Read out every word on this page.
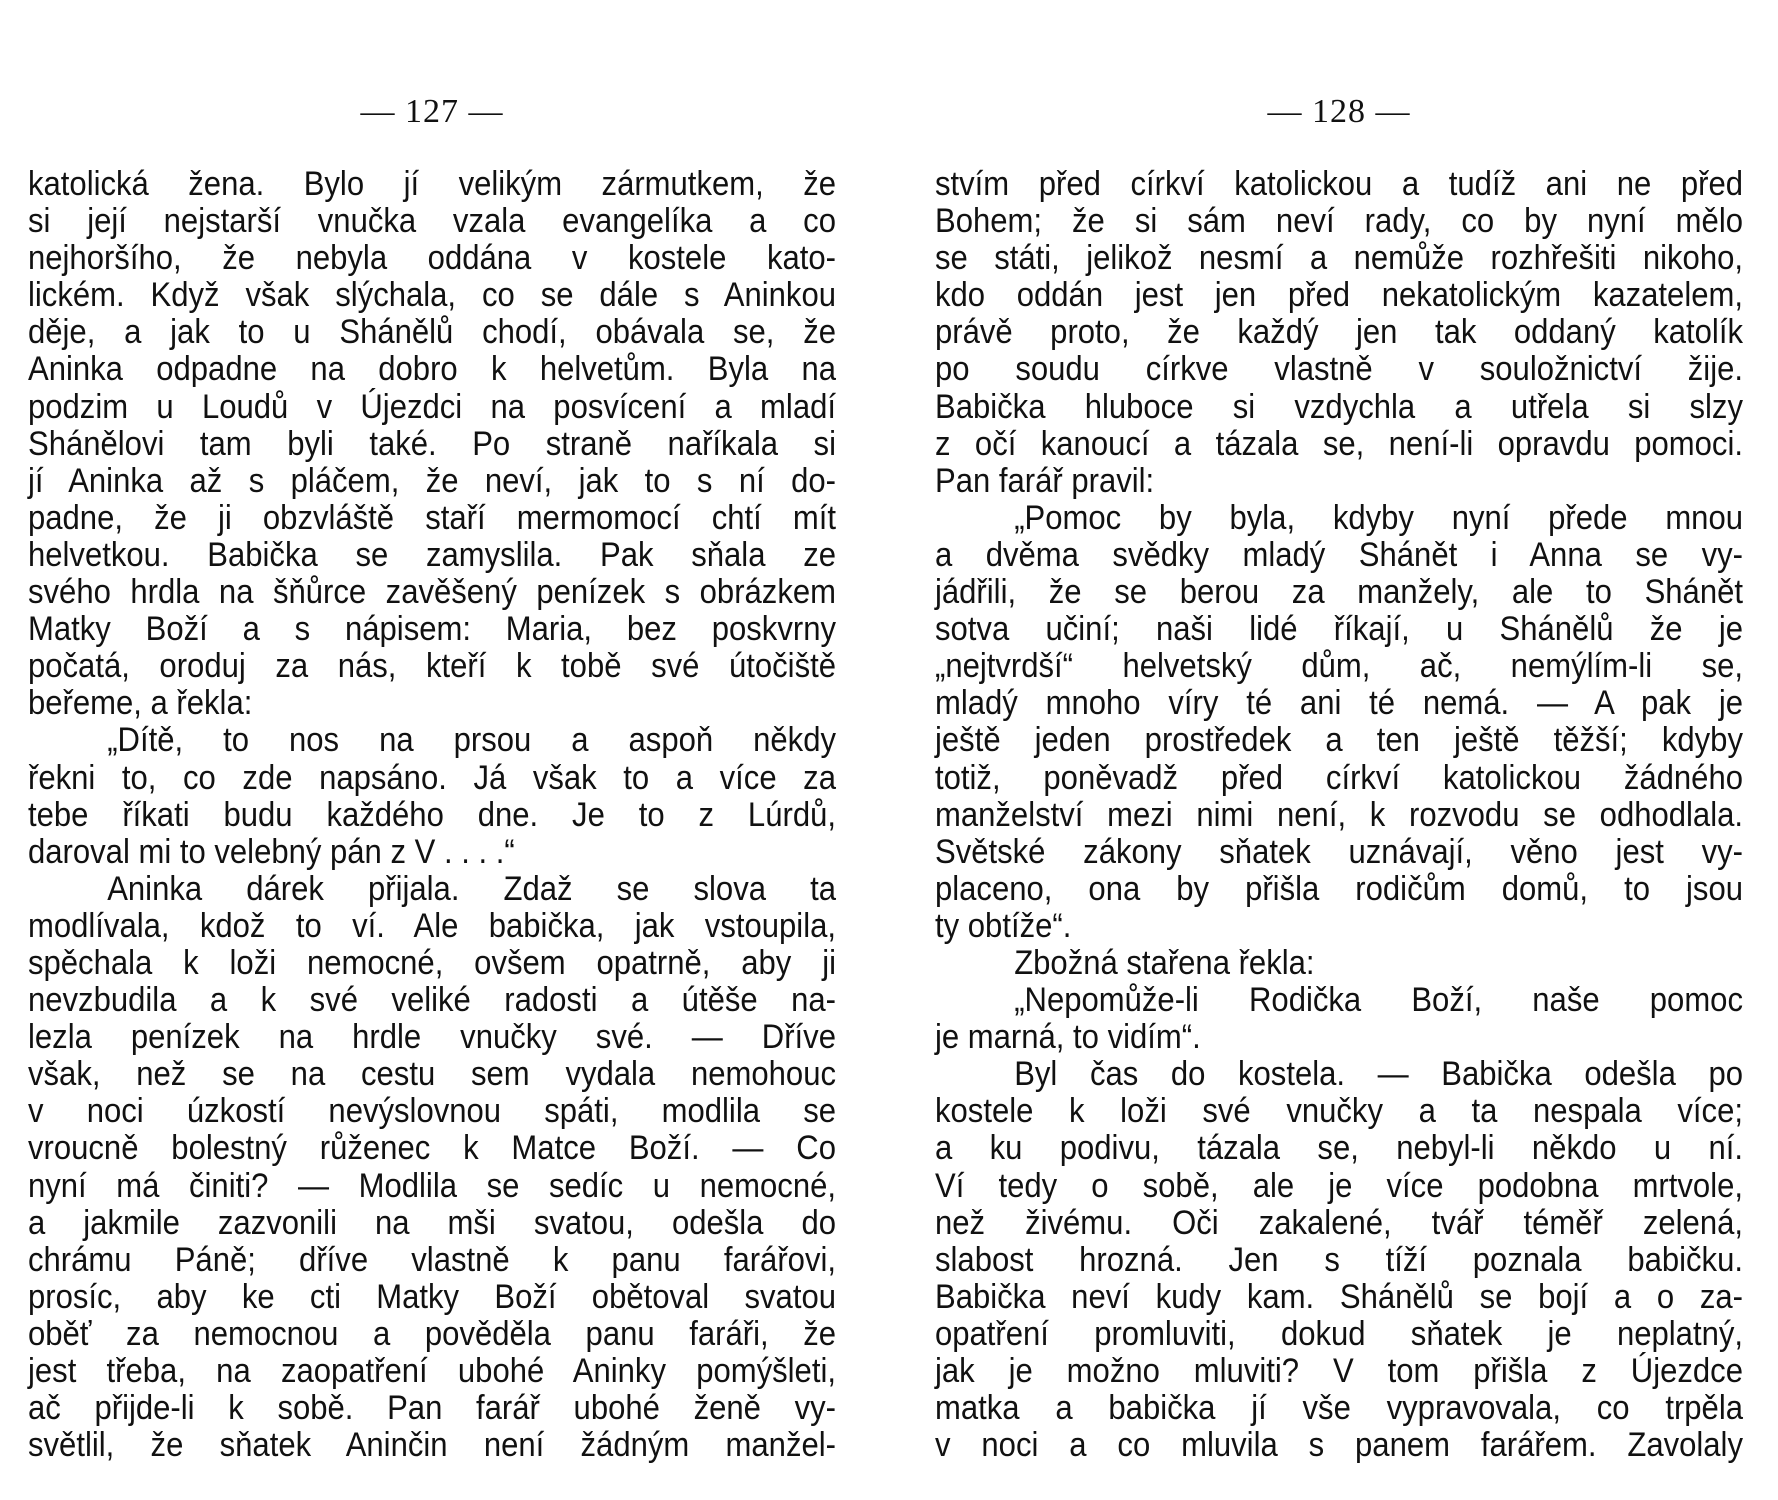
— 127 —
katolická žena. Bylo jí velikým zármutkem, že
si její nejstarší vnučka vzala evangelíka a co
nejhoršího, že nebyla oddána v kostele kato-
lickém. Když však slýchala, co se dále s Aninkou
děje, a jak to u Shánělů chodí, obávala se, že
Aninka odpadne na dobro k helvetům. Byla na
podzim u Loudů v Újezdci na posvícení a mladí
Shánělovi tam byli také. Po straně naříkala si
jí Aninka až s pláčem, že neví, jak to s ní do-
padne, že ji obzvláště staří mermomocí chtí mít
helvetkou. Babička se zamyslila. Pak sňala ze
svého hrdla na šňůrce zavěšený penízek s obrázkem
Matky Boží a s nápisem: Maria, bez poskvrny
počatá, oroduj za nás, kteří k tobě své útočiště
beřeme, a řekla:
„Dítě, to nos na prsou a aspoň někdy
řekni to, co zde napsáno. Já však to a více za
tebe říkati budu každého dne. Je to z Lúrdů,
daroval mi to velebný pán z V . . . .“
Aninka dárek přijala. Zdaž se slova ta
modlívala, kdož to ví. Ale babička, jak vstoupila,
spěchala k loži nemocné, ovšem opatrně, aby ji
nevzbudila a k své veliké radosti a útěše na-
lezla penízek na hrdle vnučky své. — Dříve
však, než se na cestu sem vydala nemohouc
v noci úzkostí nevýslovnou spáti, modlila se
vroucně bolestný růženec k Matce Boží. — Co
nyní má činiti? — Modlila se sedíc u nemocné,
a jakmile zazvonili na mši svatou, odešla do
chrámu Páně; dříve vlastně k panu farářovi,
prosíc, aby ke cti Matky Boží obětoval svatou
oběť za nemocnou a pověděla panu faráři, že
jest třeba, na zaopatření ubohé Aninky pomýšleti,
ač přijde-li k sobě. Pan farář ubohé ženě vy-
světlil, že sňatek Aninčin není žádným manžel-
— 128 —
stvím před církví katolickou a tudíž ani ne před
Bohem; že si sám neví rady, co by nyní mělo
se státi, jelikož nesmí a nemůže rozhřešiti nikoho,
kdo oddán jest jen před nekatolickým kazatelem,
právě proto, že každý jen tak oddaný katolík
po soudu církve vlastně v souložnictví žije.
Babička hluboce si vzdychla a utřela si slzy
z očí kanoucí a tázala se, není-li opravdu pomoci.
Pan farář pravil:
„Pomoc by byla, kdyby nyní přede mnou
a dvěma svědky mladý Shánět i Anna se vy-
jádřili, že se berou za manžely, ale to Shánět
sotva učiní; naši lidé říkají, u Shánělů že je
„nejtvrdší“ helvetský dům, ač, nemýlím-li se,
mladý mnoho víry té ani té nemá. — A pak je
ještě jeden prostředek a ten ještě těžší; kdyby
totiž, poněvadž před církví katolickou žádného
manželství mezi nimi není, k rozvodu se odhodlala.
Světské zákony sňatek uznávají, věno jest vy-
placeno, ona by přišla rodičům domů, to jsou
ty obtíže“.
Zbožná stařena řekla:
„Nepomůže-li Rodička Boží, naše pomoc
je marná, to vidím“.
Byl čas do kostela. — Babička odešla po
kostele k loži své vnučky a ta nespala více;
a ku podivu, tázala se, nebyl-li někdo u ní.
Ví tedy o sobě, ale je více podobna mrtvole,
než živému. Oči zakalené, tvář téměř zelená,
slabost hrozná. Jen s tíží poznala babičku.
Babička neví kudy kam. Shánělů se bojí a o za-
opatření promluviti, dokud sňatek je neplatný,
jak je možno mluviti? V tom přišla z Újezdce
matka a babička jí vše vypravovala, co trpěla
v noci a co mluvila s panem farářem. Zavolaly
